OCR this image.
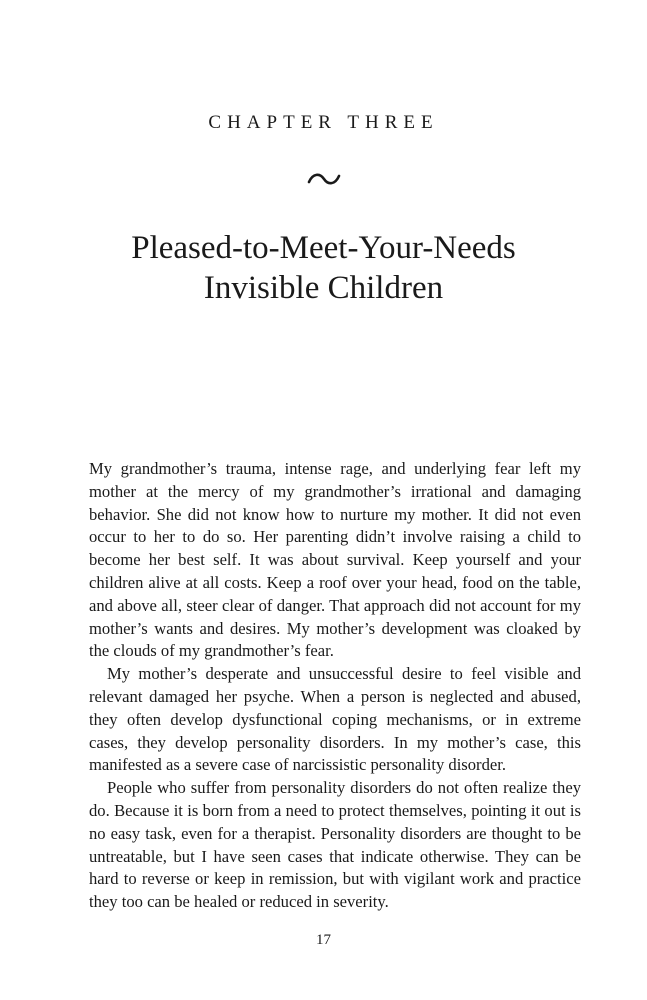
CHAPTER THREE
Pleased-to-Meet-Your-Needs
Invisible Children

My grandmother’s trauma, intense rage, and underlying fear left my mother at the mercy of my grandmother’s irrational and damaging behavior. She did not know how to nurture my mother. It did not even occur to her to do so. Her parenting didn’t involve raising a child to become her best self. It was about survival. Keep yourself and your children alive at all costs. Keep a roof over your head, food on the table, and above all, steer clear of danger. That approach did not account for my mother’s wants and desires. My mother’s development was cloaked by the clouds of my grandmother’s fear.

My mother’s desperate and unsuccessful desire to feel visible and relevant damaged her psyche. When a person is neglected and abused, they often develop dysfunctional coping mechanisms, or in extreme cases, they develop personality disorders. In my mother’s case, this manifested as a severe case of narcissistic personality disorder.

People who suffer from personality disorders do not often realize they do. Because it is born from a need to protect themselves, pointing it out is no easy task, even for a therapist. Personality disorders are thought to be untreatable, but I have seen cases that indicate otherwise. They can be hard to reverse or keep in remission, but with vigilant work and practice they too can be healed or reduced in severity.

17
